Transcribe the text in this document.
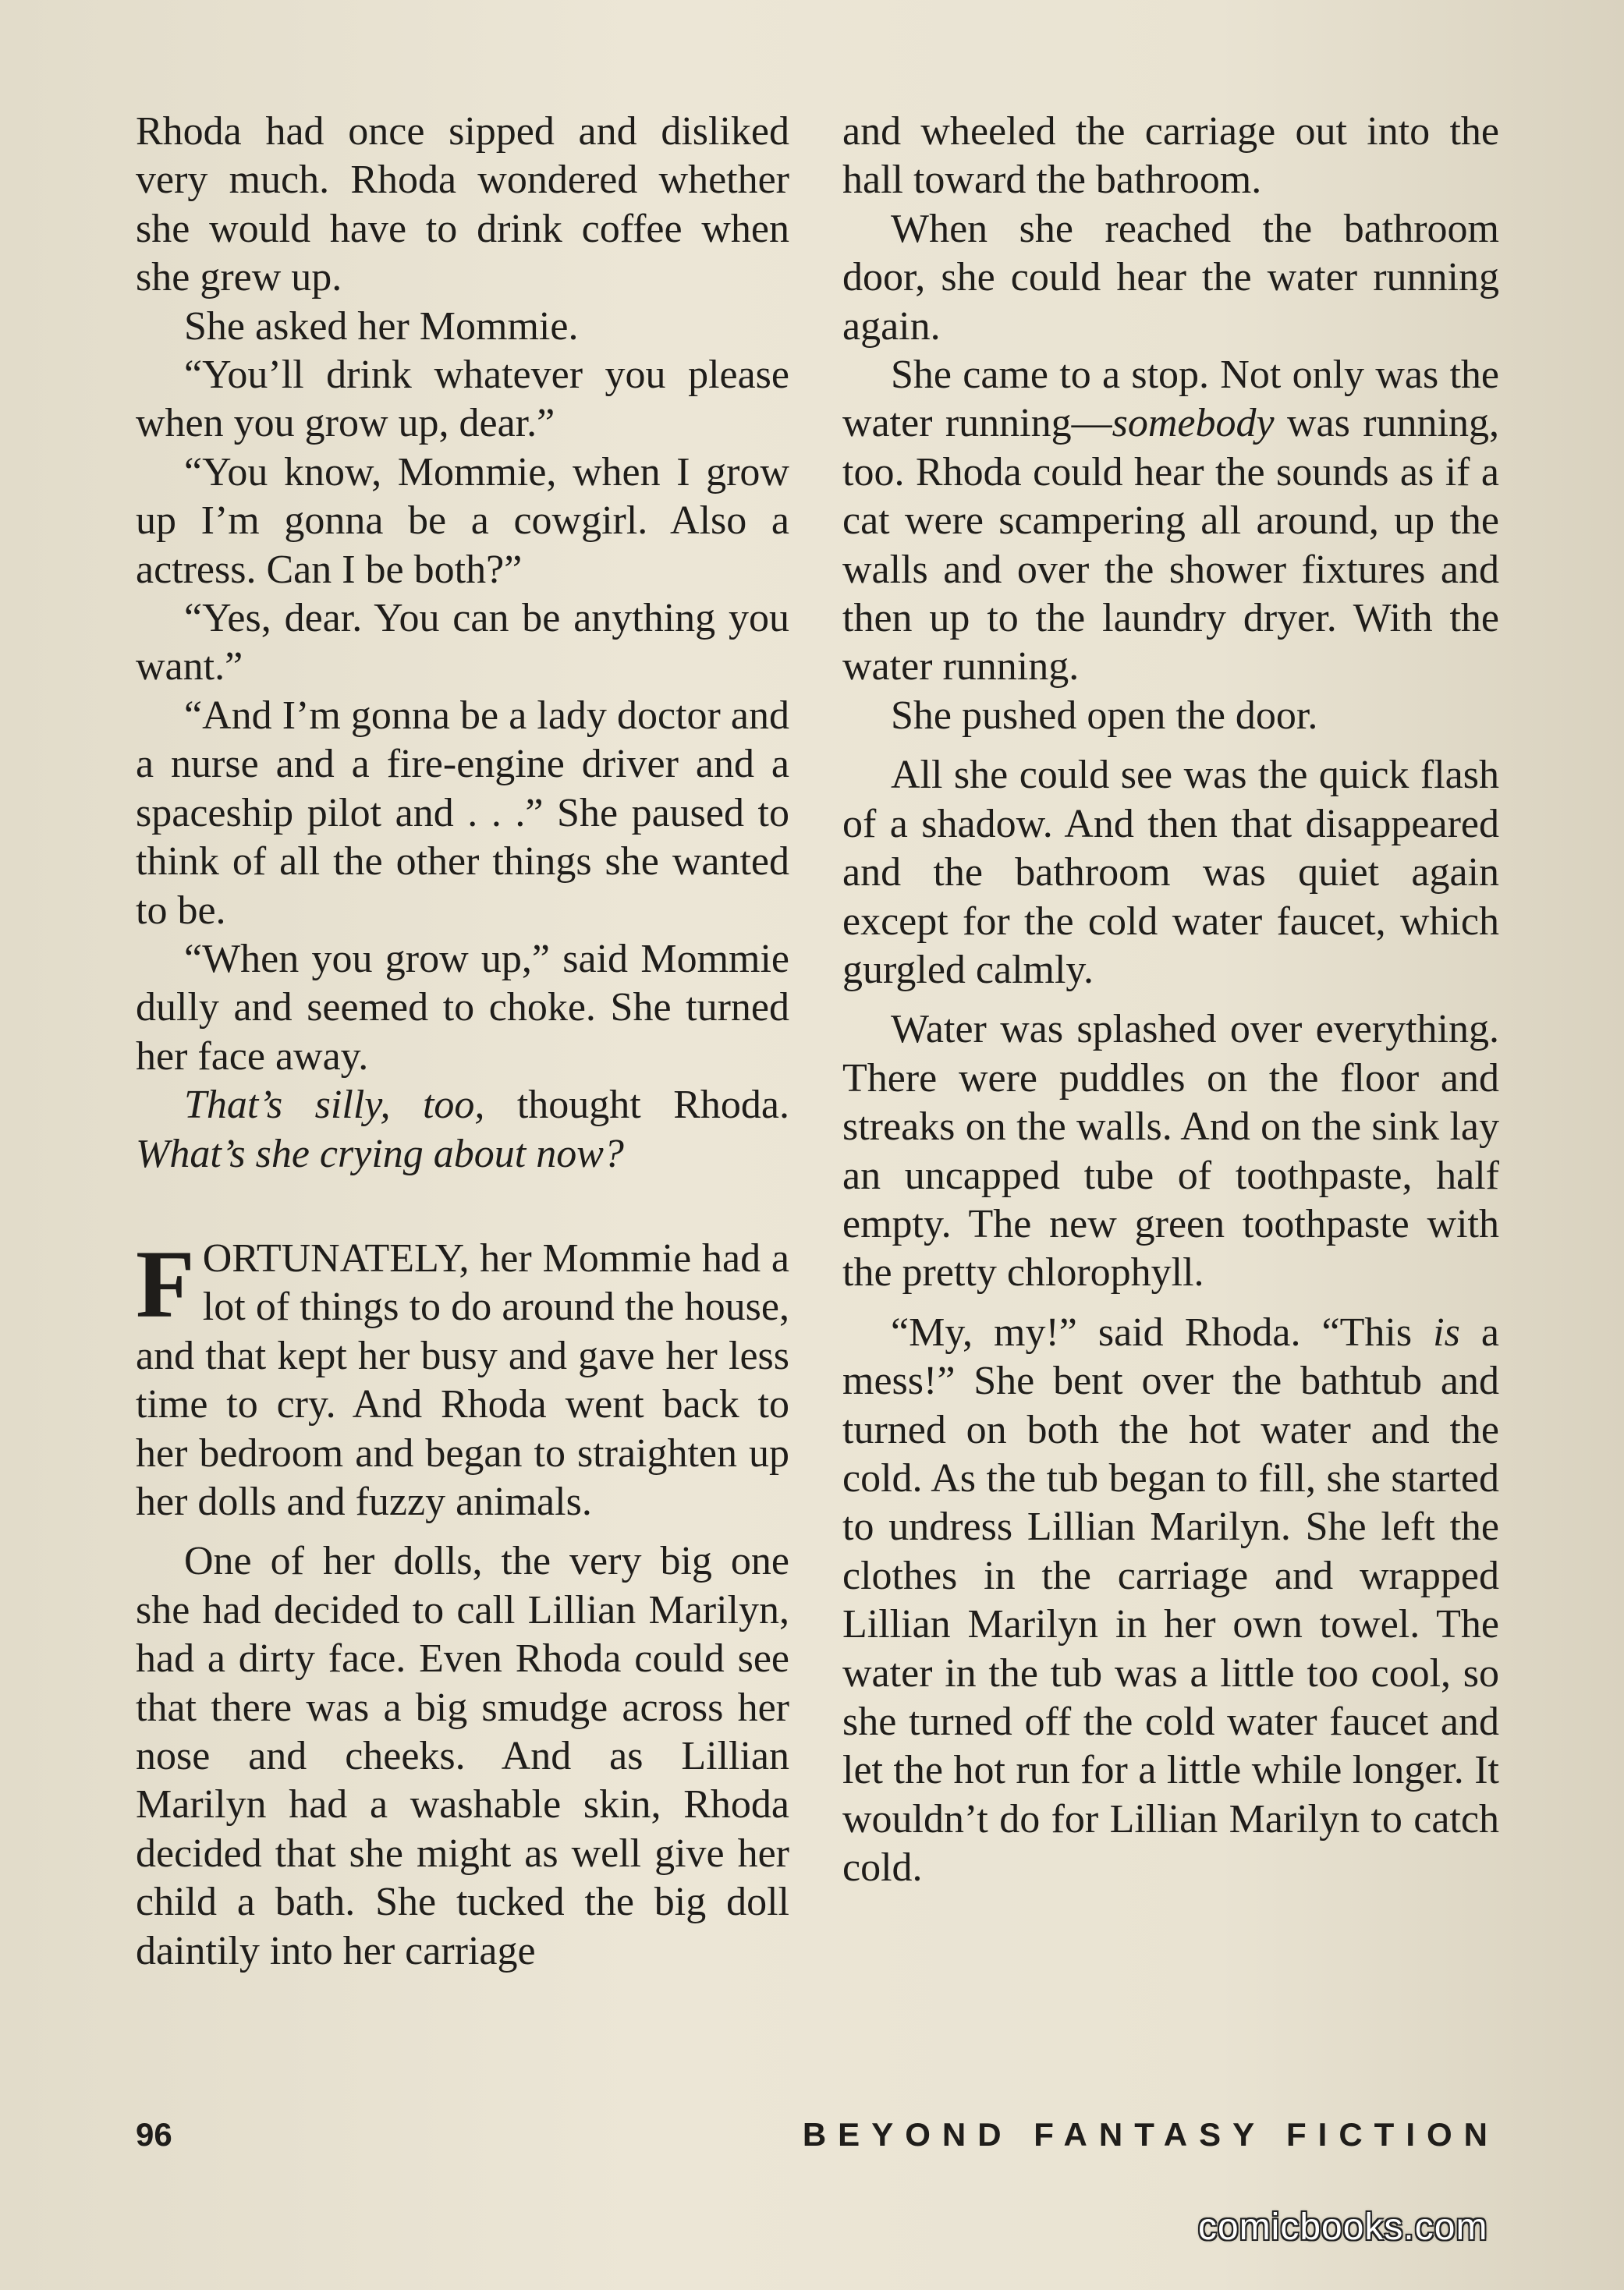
Rhoda had once sipped and disliked very much. Rhoda wondered whether she would have to drink coffee when she grew up.

She asked her Mommie.

“You’ll drink whatever you please when you grow up, dear.”

“You know, Mommie, when I grow up I’m gonna be a cowgirl. Also a actress. Can I be both?”

“Yes, dear. You can be anything you want.”

“And I’m gonna be a lady doctor and a nurse and a fire-engine driver and a spaceship pilot and . . .” She paused to think of all the other things she wanted to be.

“When you grow up,” said Mommie dully and seemed to choke. She turned her face away.

That’s silly, too, thought Rhoda. What’s she crying about now?

FORTUNATELY, her Mommie had a lot of things to do around the house, and that kept her busy and gave her less time to cry. And Rhoda went back to her bedroom and began to straighten up her dolls and fuzzy animals.

One of her dolls, the very big one she had decided to call Lillian Marilyn, had a dirty face. Even Rhoda could see that there was a big smudge across her nose and cheeks. And as Lillian Marilyn had a washable skin, Rhoda decided that she might as well give her child a bath. She tucked the big doll daintily into her carriage

and wheeled the carriage out into the hall toward the bathroom.

When she reached the bathroom door, she could hear the water running again.

She came to a stop. Not only was the water running—somebody was running, too. Rhoda could hear the sounds as if a cat were scampering all around, up the walls and over the shower fixtures and then up to the laundry dryer. With the water running.

She pushed open the door.

All she could see was the quick flash of a shadow. And then that disappeared and the bathroom was quiet again except for the cold water faucet, which gurgled calmly.

Water was splashed over everything. There were puddles on the floor and streaks on the walls. And on the sink lay an uncapped tube of toothpaste, half empty. The new green toothpaste with the pretty chlorophyll.

“My, my!” said Rhoda. “This is a mess!” She bent over the bathtub and turned on both the hot water and the cold. As the tub began to fill, she started to undress Lillian Marilyn. She left the clothes in the carriage and wrapped Lillian Marilyn in her own towel. The water in the tub was a little too cool, so she turned off the cold water faucet and let the hot run for a little while longer. It wouldn’t do for Lillian Marilyn to catch cold.

96	BEYOND FANTASY FICTION
comicbooks.com
